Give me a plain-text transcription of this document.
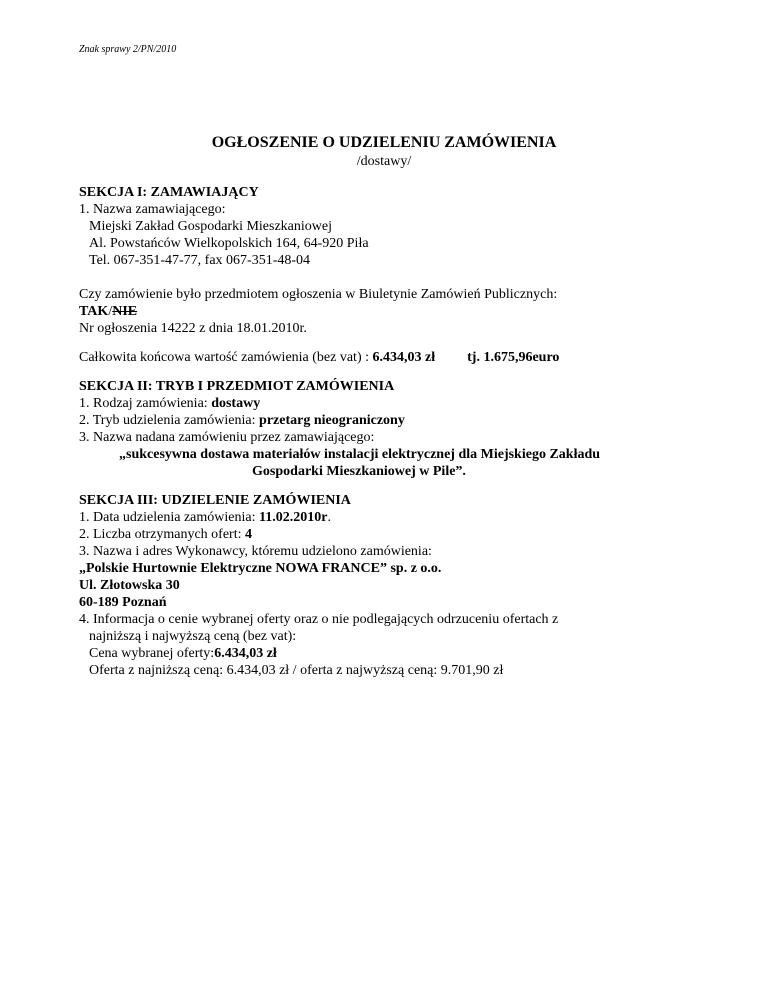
Znak sprawy 2/PN/2010
OGŁOSZENIE O UDZIELENIU ZAMÓWIENIA
/dostawy/
SEKCJA I: ZAMAWIAJĄCY
1. Nazwa zamawiającego:
Miejski Zakład Gospodarki Mieszkaniowej
Al. Powstańców Wielkopolskich 164, 64-920 Piła
Tel. 067-351-47-77, fax 067-351-48-04
Czy zamówienie było przedmiotem ogłoszenia w Biuletynie Zamówień Publicznych:
TAK/NIE
Nr ogłoszenia 14222 z dnia 18.01.2010r.
Całkowita końcowa wartość zamówienia (bez vat) : 6.434,03 zł tj. 1.675,96euro
SEKCJA II: TRYB I PRZEDMIOT ZAMÓWIENIA
1. Rodzaj zamówienia: dostawy
2. Tryb udzielenia zamówienia: przetarg nieograniczony
3. Nazwa nadana zamówieniu przez zamawiającego:
„sukcesywna dostawa materiałów instalacji elektrycznej dla Miejskiego Zakładu
Gospodarki Mieszkaniowej w Pile”.
SEKCJA III: UDZIELENIE ZAMÓWIENIA
1. Data udzielenia zamówienia: 11.02.2010r.
2. Liczba otrzymanych ofert: 4
3. Nazwa i adres Wykonawcy, któremu udzielono zamówienia:
„Polskie Hurtownie Elektryczne NOWA FRANCE” sp. z o.o.
Ul. Złotowska 30
60-189 Poznań
4. Informacja o cenie wybranej oferty oraz o nie podlegających odrzuceniu ofertach z
najniższą i najwyższą ceną (bez vat):
Cena wybranej oferty:6.434,03 zł
Oferta z najniższą ceną: 6.434,03 zł / oferta z najwyższą ceną: 9.701,90 zł
